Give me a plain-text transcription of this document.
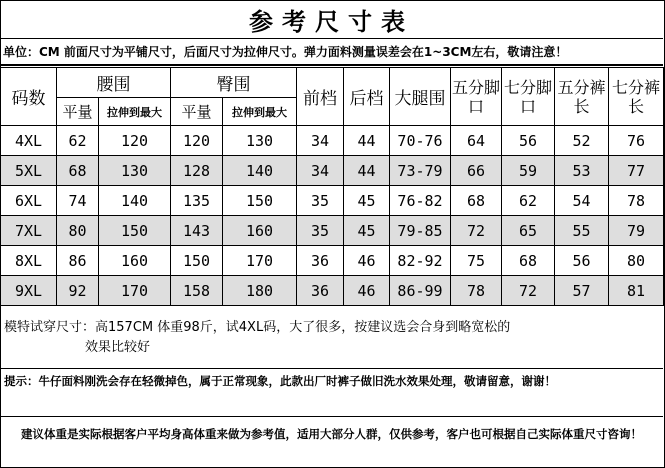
参考尺寸表
单位：CM 前面尺寸为平铺尺寸，后面尺寸为拉伸尺寸。弹力面料测量误差会在1~3CM左右，敬请注意！
码数	腰围		臀围		前档	后档	大腿围	五分脚口	七分脚口	五分裤长	七分裤长
	平量	拉伸到最大	平量	拉伸到最大							
4XL	62	120	120	130	34	44	70-76	64	56	52	76
5XL	68	130	128	140	34	44	73-79	66	59	53	77
6XL	74	140	135	150	35	45	76-82	68	62	54	78
7XL	80	150	143	160	35	45	79-85	72	65	55	79
8XL	86	160	150	170	36	46	82-92	75	68	56	80
9XL	92	170	158	180	36	46	86-99	78	72	57	81
模特试穿尺寸：高157CM 体重98斤，试4XL码，大了很多，按建议选会合身到略宽松的
效果比较好
提示：牛仔面料刚洗会存在轻微掉色，属于正常现象，此款出厂时裤子做旧洗水效果处理，敬请留意，谢谢！
建议体重是实际根据客户平均身高体重来做为参考值，适用大部分人群，仅供参考，客户也可根据自己实际体重尺寸咨询！
